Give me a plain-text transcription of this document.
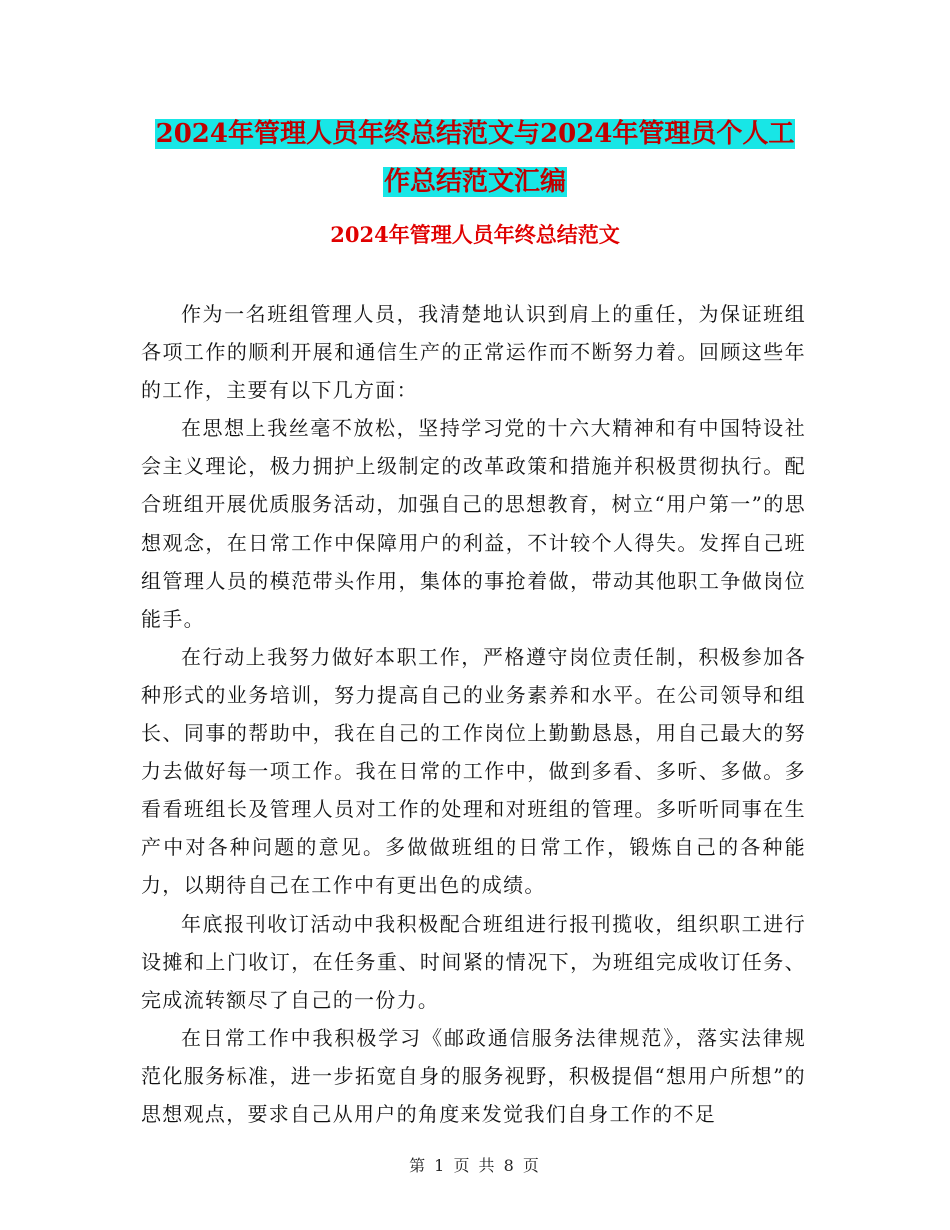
2024年管理人员年终总结范文与2024年管理员个人工
作总结范文汇编
2024年管理人员年终总结范文

作为一名班组管理人员，我清楚地认识到肩上的重任，为保证班组各项工作的顺利开展和通信生产的正常运作而不断努力着。回顾这些年的工作，主要有以下几方面：

在思想上我丝毫不放松，坚持学习党的十六大精神和有中国特设社会主义理论，极力拥护上级制定的改革政策和措施并积极贯彻执行。配合班组开展优质服务活动，加强自己的思想教育，树立“用户第一”的思想观念，在日常工作中保障用户的利益，不计较个人得失。发挥自己班组管理人员的模范带头作用，集体的事抢着做，带动其他职工争做岗位能手。

在行动上我努力做好本职工作，严格遵守岗位责任制，积极参加各种形式的业务培训，努力提高自己的业务素养和水平。在公司领导和组长、同事的帮助中，我在自己的工作岗位上勤勤恳恳，用自己最大的努力去做好每一项工作。我在日常的工作中，做到多看、多听、多做。多看看班组长及管理人员对工作的处理和对班组的管理。多听听同事在生产中对各种问题的意见。多做做班组的日常工作，锻炼自己的各种能力，以期待自己在工作中有更出色的成绩。

年底报刊收订活动中我积极配合班组进行报刊揽收，组织职工进行设摊和上门收订，在任务重、时间紧的情况下，为班组完成收订任务、完成流转额尽了自己的一份力。

在日常工作中我积极学习《邮政通信服务法律规范》，落实法律规范化服务标准，进一步拓宽自身的服务视野，积极提倡“想用户所想”的思想观点，要求自己从用户的角度来发觉我们自身工作的不足

第 1 页 共 8 页
